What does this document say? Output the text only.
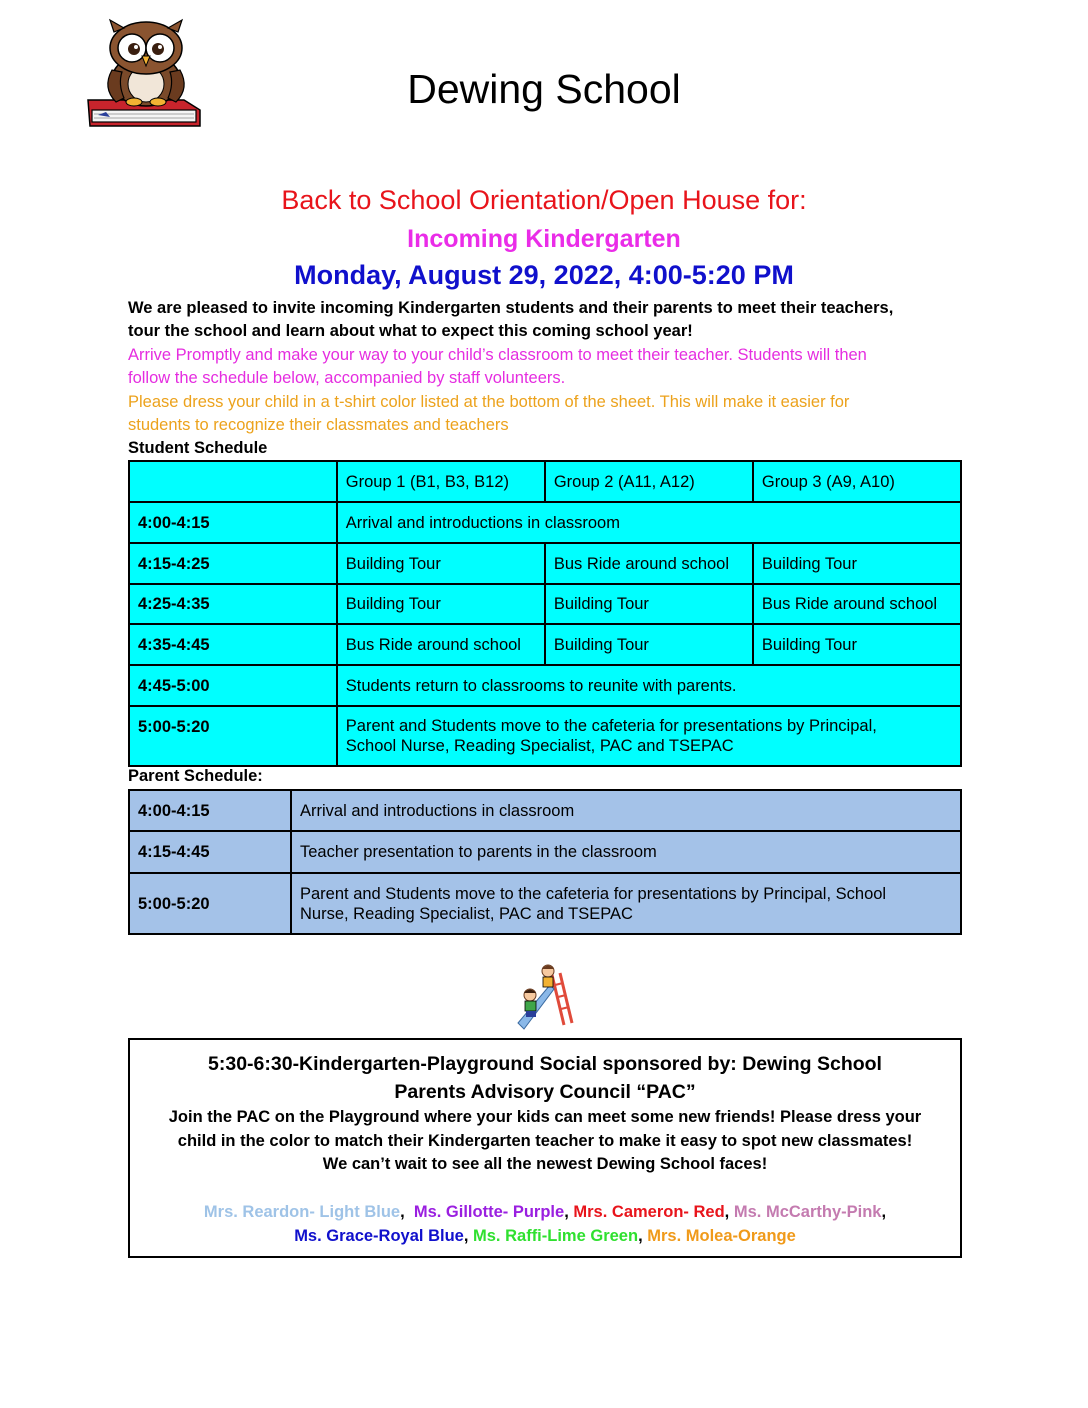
Dewing School
Back to School Orientation/Open House for:
Incoming Kindergarten
Monday, August 29, 2022, 4:00-5:20 PM
We are pleased to invite incoming Kindergarten students and their parents to meet their teachers,
tour the school and learn about what to expect this coming school year!
Arrive Promptly and make your way to your child’s classroom to meet their teacher. Students will then
follow the schedule below, accompanied by staff volunteers.
Please dress your child in a t-shirt color listed at the bottom of the sheet. This will make it easier for
students to recognize their classmates and teachers
Student Schedule
	Group 1 (B1, B3, B12)	Group 2 (A11, A12)	Group 3 (A9, A10)
4:00-4:15	Arrival and introductions in classroom		
4:15-4:25	Building Tour	Bus Ride around school	Building Tour
4:25-4:35	Building Tour	Building Tour	Bus Ride around school
4:35-4:45	Bus Ride around school	Building Tour	Building Tour
4:45-5:00	Students return to classrooms to reunite with parents.		
5:00-5:20	Parent and Students move to the cafeteria for presentations by Principal,
School Nurse, Reading Specialist, PAC and TSEPAC		
Parent Schedule:
4:00-4:15	Arrival and introductions in classroom
4:15-4:45	Teacher presentation to parents in the classroom
5:00-5:20	Parent and Students move to the cafeteria for presentations by Principal, School
Nurse, Reading Specialist, PAC and TSEPAC
5:30-6:30-Kindergarten-Playground Social sponsored by: Dewing School
Parents Advisory Council “PAC”
Join the PAC on the Playground where your kids can meet some new friends! Please dress your
child in the color to match their Kindergarten teacher to make it easy to spot new classmates!
We can’t wait to see all the newest Dewing School faces!
Mrs. Reardon- Light Blue, Ms. Gillotte- Purple, Mrs. Cameron- Red, Ms. McCarthy-Pink,
Ms. Grace-Royal Blue, Ms. Raffi-Lime Green, Mrs. Molea-Orange
